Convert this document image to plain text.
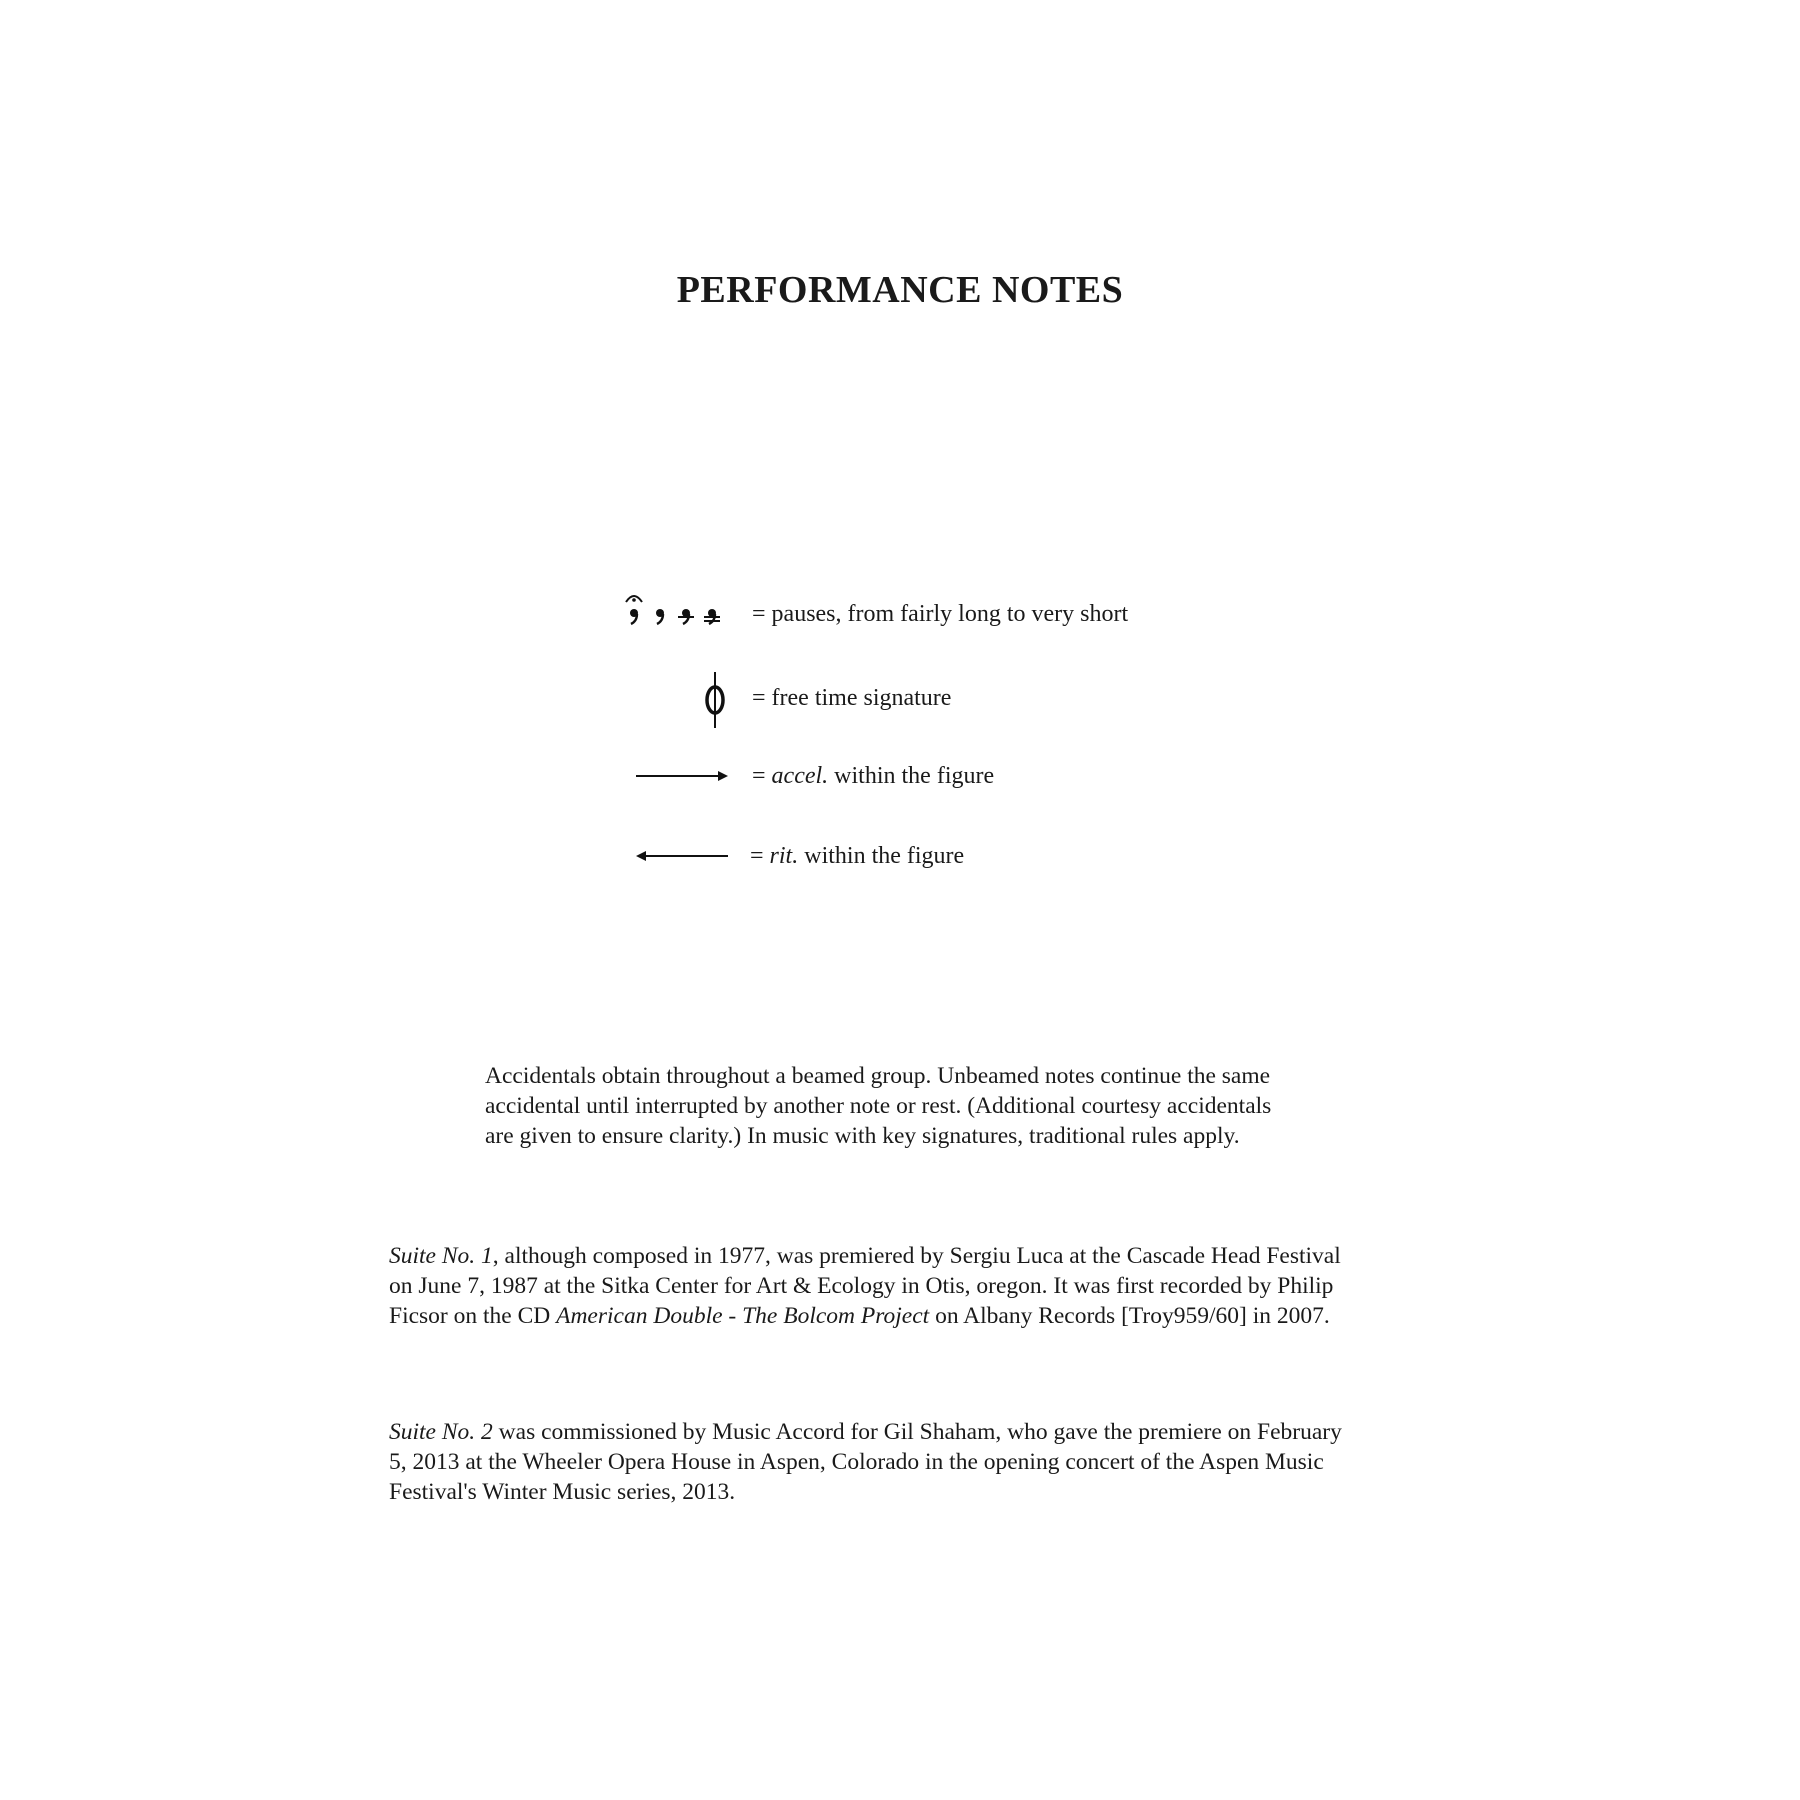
PERFORMANCE NOTES
= pauses, from fairly long to very short
= free time signature
= accel. within the figure
= rit. within the figure
Accidentals obtain throughout a beamed group. Unbeamed notes continue the same
accidental until interrupted by another note or rest. (Additional courtesy accidentals
are given to ensure clarity.) In music with key signatures, traditional rules apply.
Suite No. 1, although composed in 1977, was premiered by Sergiu Luca at the Cascade Head Festival
on June 7, 1987 at the Sitka Center for Art & Ecology in Otis, oregon. It was first recorded by Philip
Ficsor on the CD American Double - The Bolcom Project on Albany Records [Troy959/60] in 2007.
Suite No. 2 was commissioned by Music Accord for Gil Shaham, who gave the premiere on February
5, 2013 at the Wheeler Opera House in Aspen, Colorado in the opening concert of the Aspen Music
Festival's Winter Music series, 2013.
